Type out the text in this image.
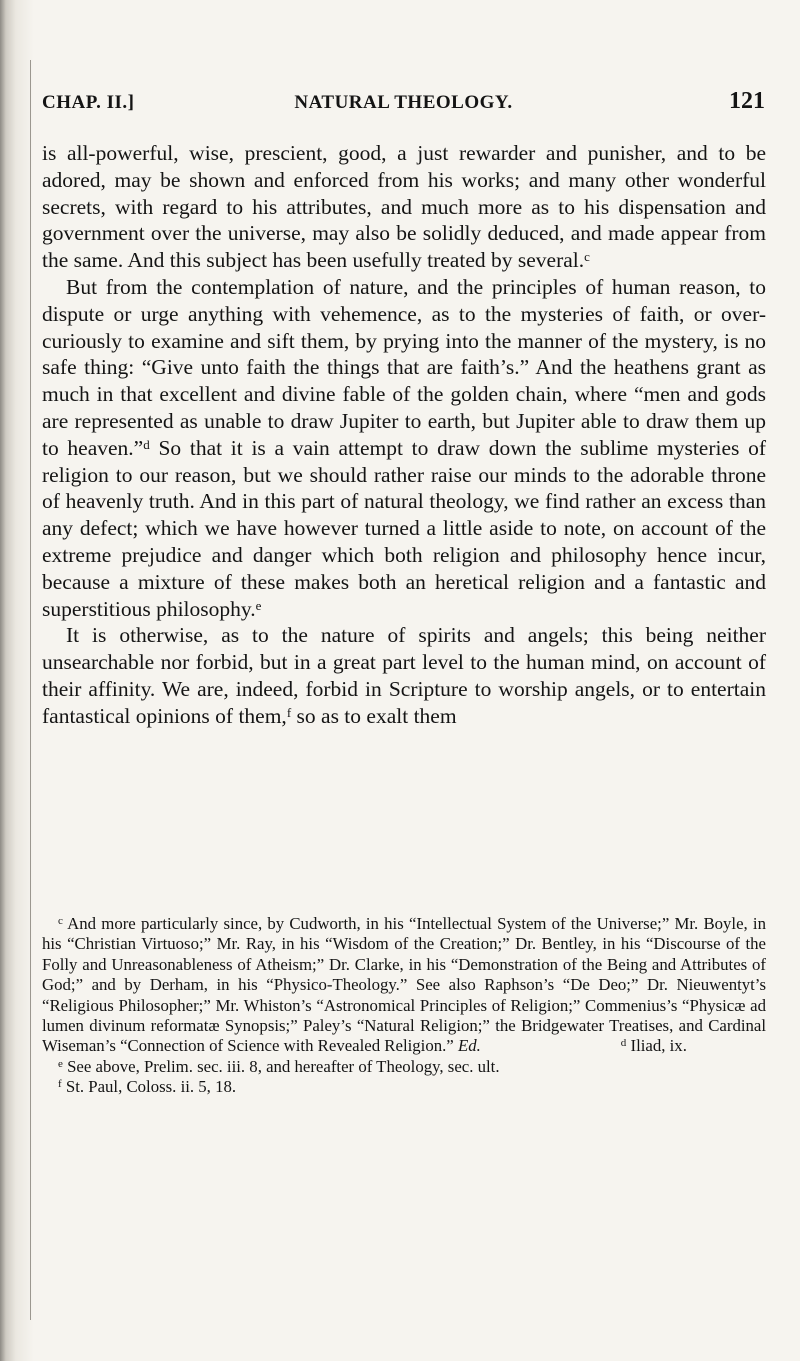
CHAP. II.]	NATURAL THEOLOGY.	121

is all-powerful, wise, prescient, good, a just rewarder and punisher, and to be adored, may be shown and enforced from his works; and many other wonderful secrets, with regard to his attributes, and much more as to his dispensation and government over the universe, may also be solidly deduced, and made appear from the same. And this subject has been usefully treated by several.$^c$

But from the contemplation of nature, and the principles of human reason, to dispute or urge anything with vehemence, as to the mysteries of faith, or over-curiously to examine and sift them, by prying into the manner of the mystery, is no safe thing: “Give unto faith the things that are faith’s.” And the heathens grant as much in that excellent and divine fable of the golden chain, where “men and gods are represented as unable to draw Jupiter to earth, but Jupiter able to draw them up to heaven.”$^d$ So that it is a vain attempt to draw down the sublime mysteries of religion to our reason, but we should rather raise our minds to the adorable throne of heavenly truth. And in this part of natural theology, we find rather an excess than any defect; which we have however turned a little aside to note, on account of the extreme prejudice and danger which both religion and philosophy hence incur, because a mixture of these makes both an heretical religion and a fantastic and superstitious philosophy.$^e$

It is otherwise, as to the nature of spirits and angels; this being neither unsearchable nor forbid, but in a great part level to the human mind, on account of their affinity. We are, indeed, forbid in Scripture to worship angels, or to entertain fantastical opinions of them,$^f$ so as to exalt them

$^c$ And more particularly since, by Cudworth, in his “Intellectual System of the Universe;” Mr. Boyle, in his “Christian Virtuoso;” Mr. Ray, in his “Wisdom of the Creation;” Dr. Bentley, in his “Discourse of the Folly and Unreasonableness of Atheism;” Dr. Clarke, in his “Demonstration of the Being and Attributes of God;” and by Derham, in his “Physico-Theology.” See also Raphson’s “De Deo;” Dr. Nieuwentyt’s “Religious Philosopher;” Mr. Whiston’s “Astronomical Principles of Religion;” Commenius’s “Physicæ ad lumen divinum reformatæ Synopsis;” Paley’s “Natural Religion;” the Bridgewater Treatises, and Cardinal Wiseman’s “Connection of Science with Revealed Religion.” Ed.	$^d$ Iliad, ix.

$^e$ See above, Prelim. sec. iii. 8, and hereafter of Theology, sec. ult.

$^f$ St. Paul, Coloss. ii. 5, 18.
